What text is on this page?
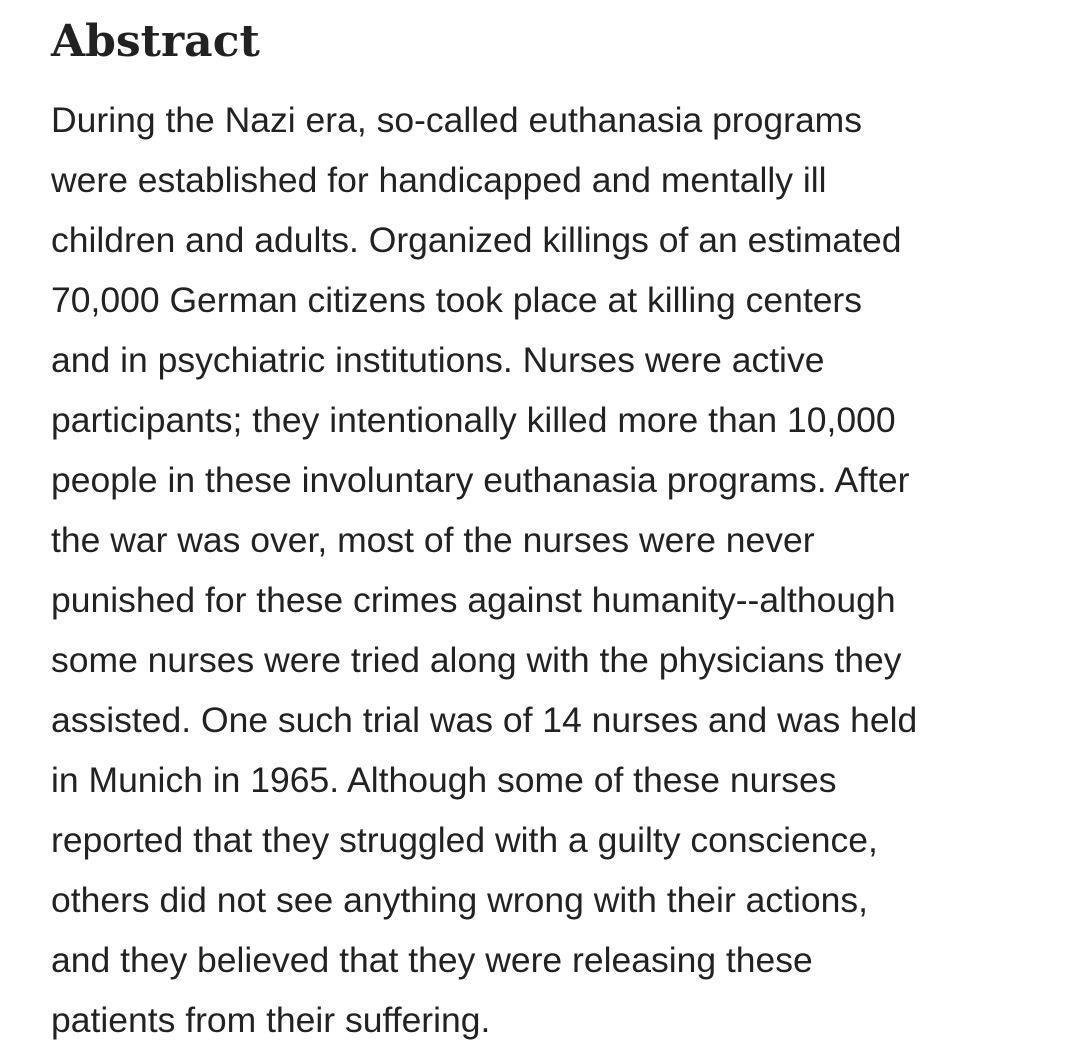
Abstract
During the Nazi era, so-called euthanasia programs
were established for handicapped and mentally ill
children and adults. Organized killings of an estimated
70,000 German citizens took place at killing centers
and in psychiatric institutions. Nurses were active
participants; they intentionally killed more than 10,000
people in these involuntary euthanasia programs. After
the war was over, most of the nurses were never
punished for these crimes against humanity--although
some nurses were tried along with the physicians they
assisted. One such trial was of 14 nurses and was held
in Munich in 1965. Although some of these nurses
reported that they struggled with a guilty conscience,
others did not see anything wrong with their actions,
and they believed that they were releasing these
patients from their suffering.
